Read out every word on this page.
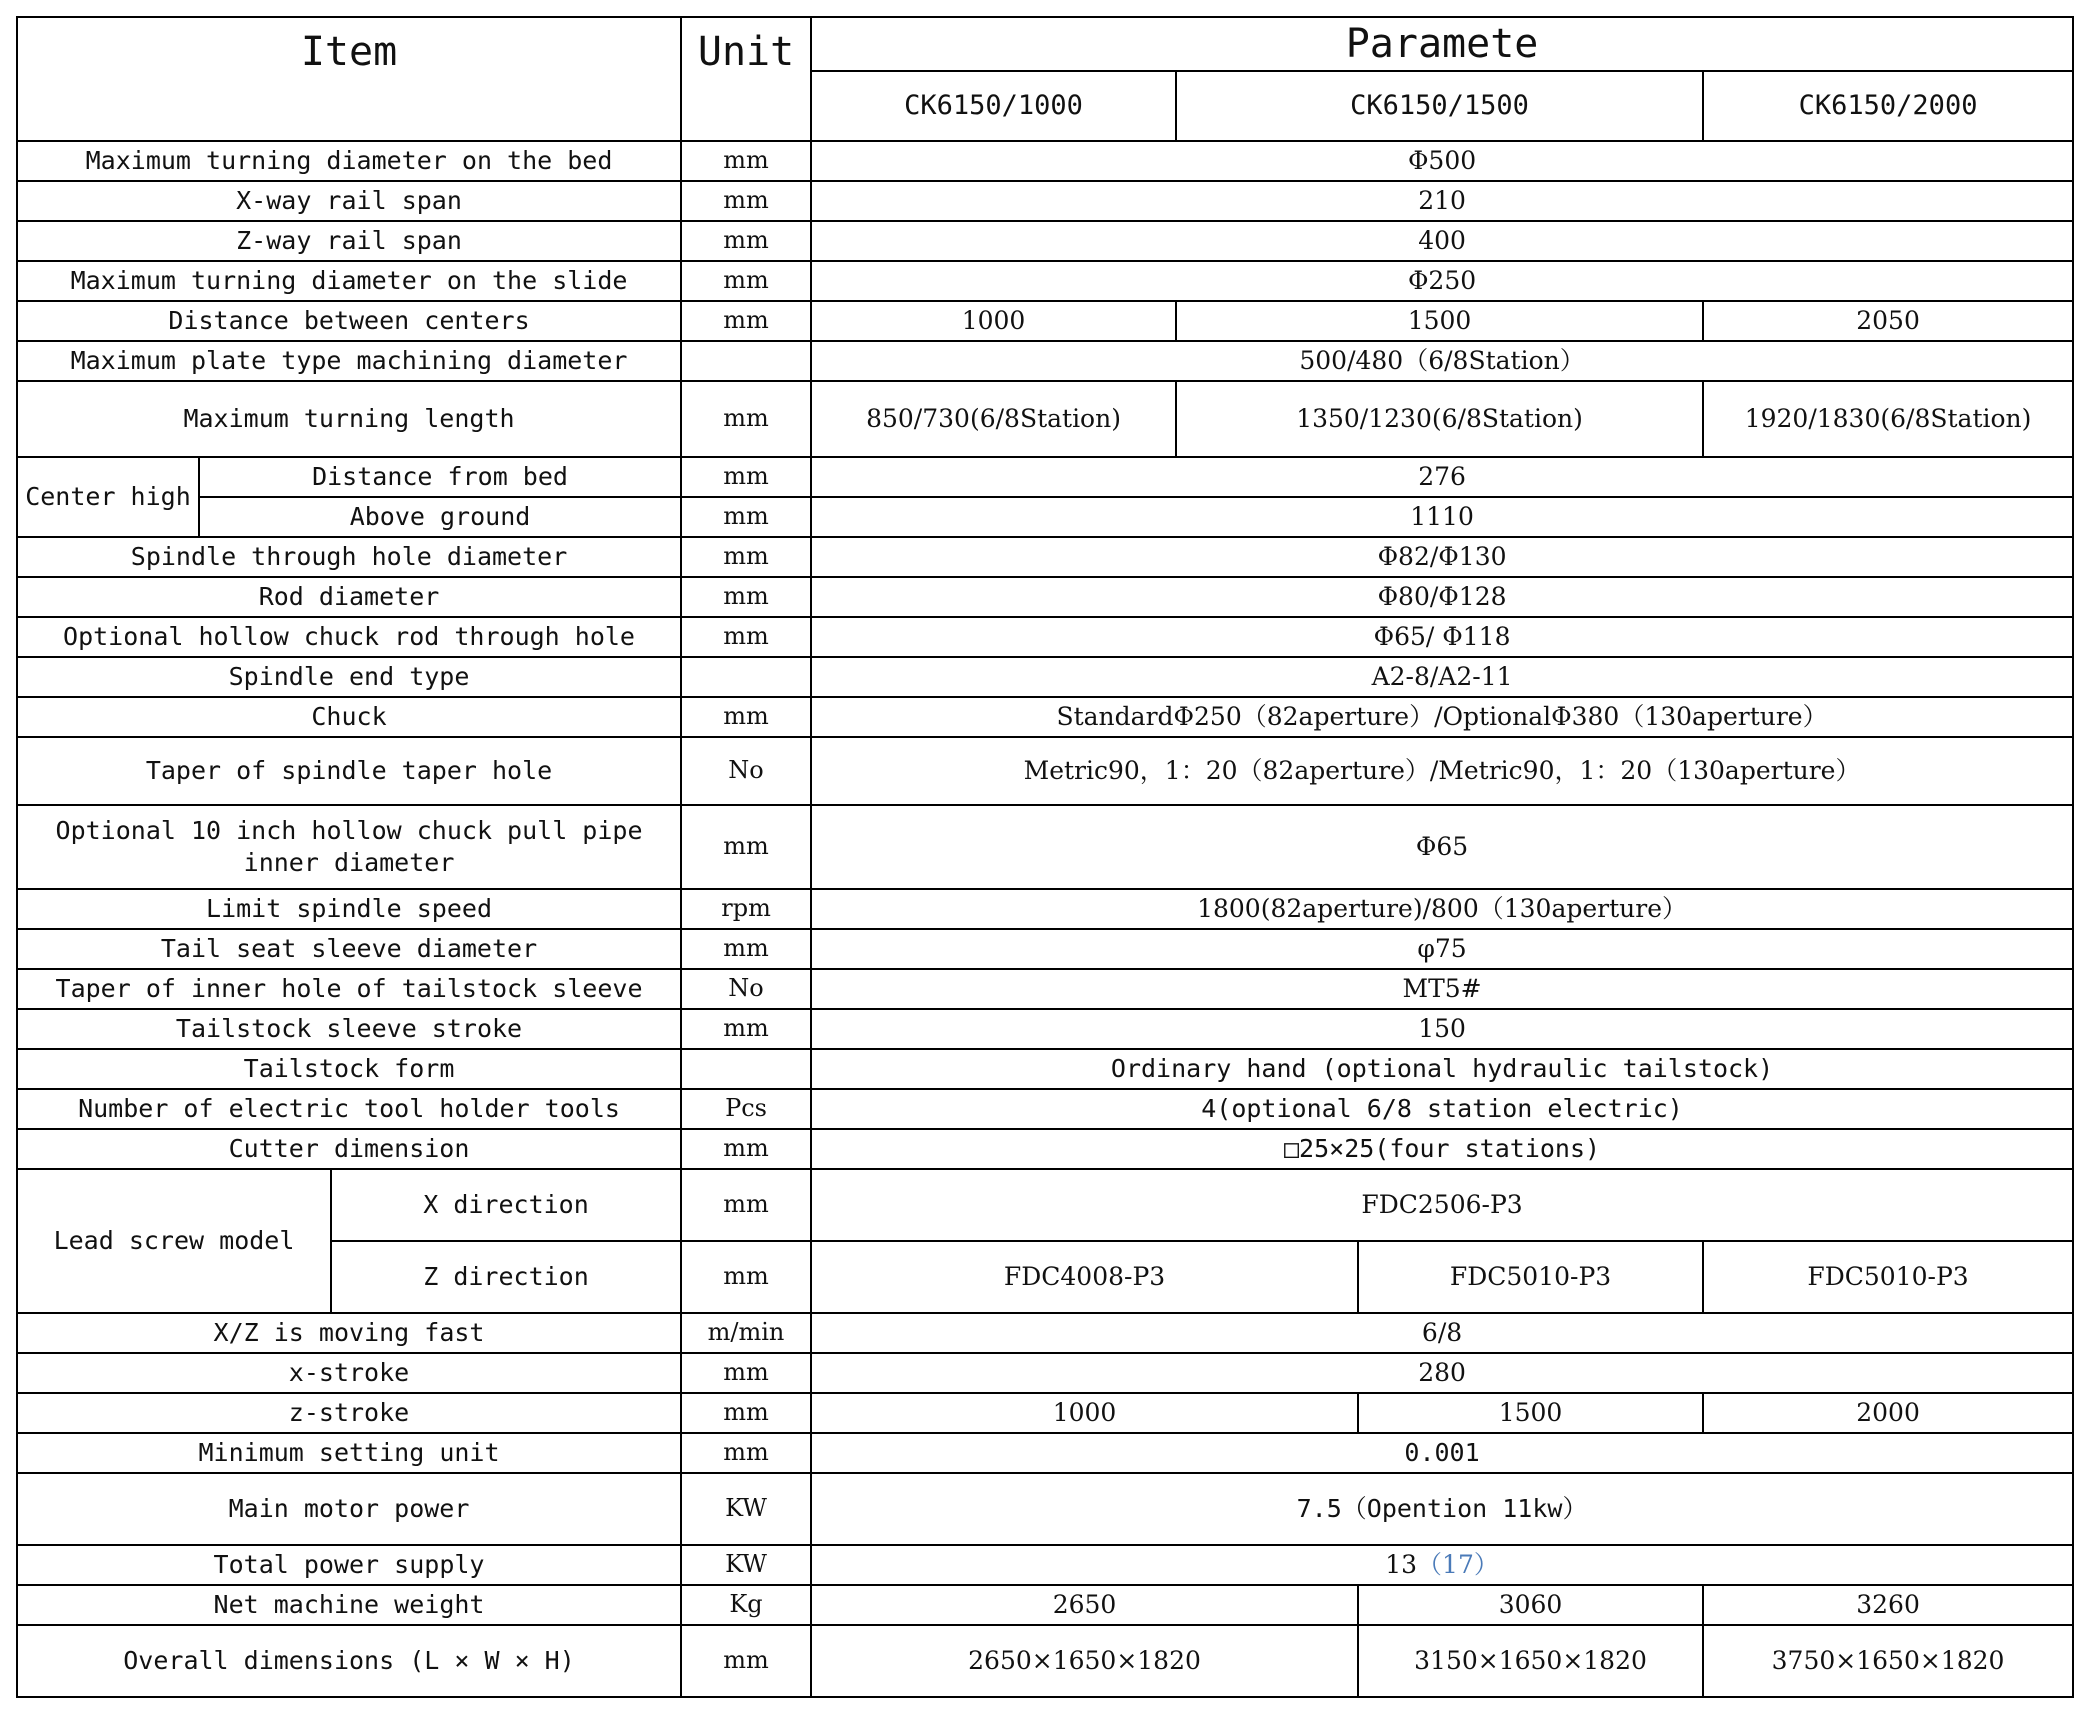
Item			Unit	Paramete			
				CK6150/1000	CK6150/1500		CK6150/2000
Maximum turning diameter on the bed			mm	Φ500			
X-way rail span			mm	210			
Z-way rail span			mm	400			
Maximum turning diameter on the slide			mm	Φ250			
Distance between centers			mm	1000	1500		2050
Maximum plate type machining diameter				500/480（6/8Station）			
Maximum turning length			mm	850/730(6/8Station)	1350/1230(6/8Station)		1920/1830(6/8Station)
Center high	Distance from bed		mm	276			
	Above ground		mm	1110			
Spindle through hole diameter			mm	Φ82/Φ130			
Rod diameter			mm	Φ80/Φ128			
Optional hollow chuck rod through hole			mm	Φ65/ Φ118			
Spindle end type				A2-8/A2-11			
Chuck			mm	StandardΦ250（82aperture）/OptionalΦ380（130aperture）			
Taper of spindle taper hole			No	Metric90，1：20（82aperture）/Metric90，1：20（130aperture）			
Optional 10 inch hollow chuck pull pipe inner diameter			mm	Φ65			
Limit spindle speed			rpm	1800(82aperture)/800（130aperture）			
Tail seat sleeve diameter			mm	φ75			
Taper of inner hole of tailstock sleeve			No	MT5#			
Tailstock sleeve stroke			mm	150			
Tailstock form				Ordinary hand (optional hydraulic tailstock)			
Number of electric tool holder tools			Pcs	4(optional 6/8 station electric)			
Cutter dimension			mm	□25×25(four stations)			
Lead screw model		X direction	mm	FDC2506-P3			
		Z direction	mm	FDC4008-P3		FDC5010-P3	FDC5010-P3
X/Z is moving fast			m/min	6/8			
x-stroke			mm	280			
z-stroke			mm	1000		1500	2000
Minimum setting unit			mm	0.001			
Main motor power			KW	7.5（Opention 11kw）			
Total power supply			KW	13（17）			
Net machine weight			Kg	2650		3060	3260
Overall dimensions (L × W × H)			mm	2650×1650×1820		3150×1650×1820	3750×1650×1820
